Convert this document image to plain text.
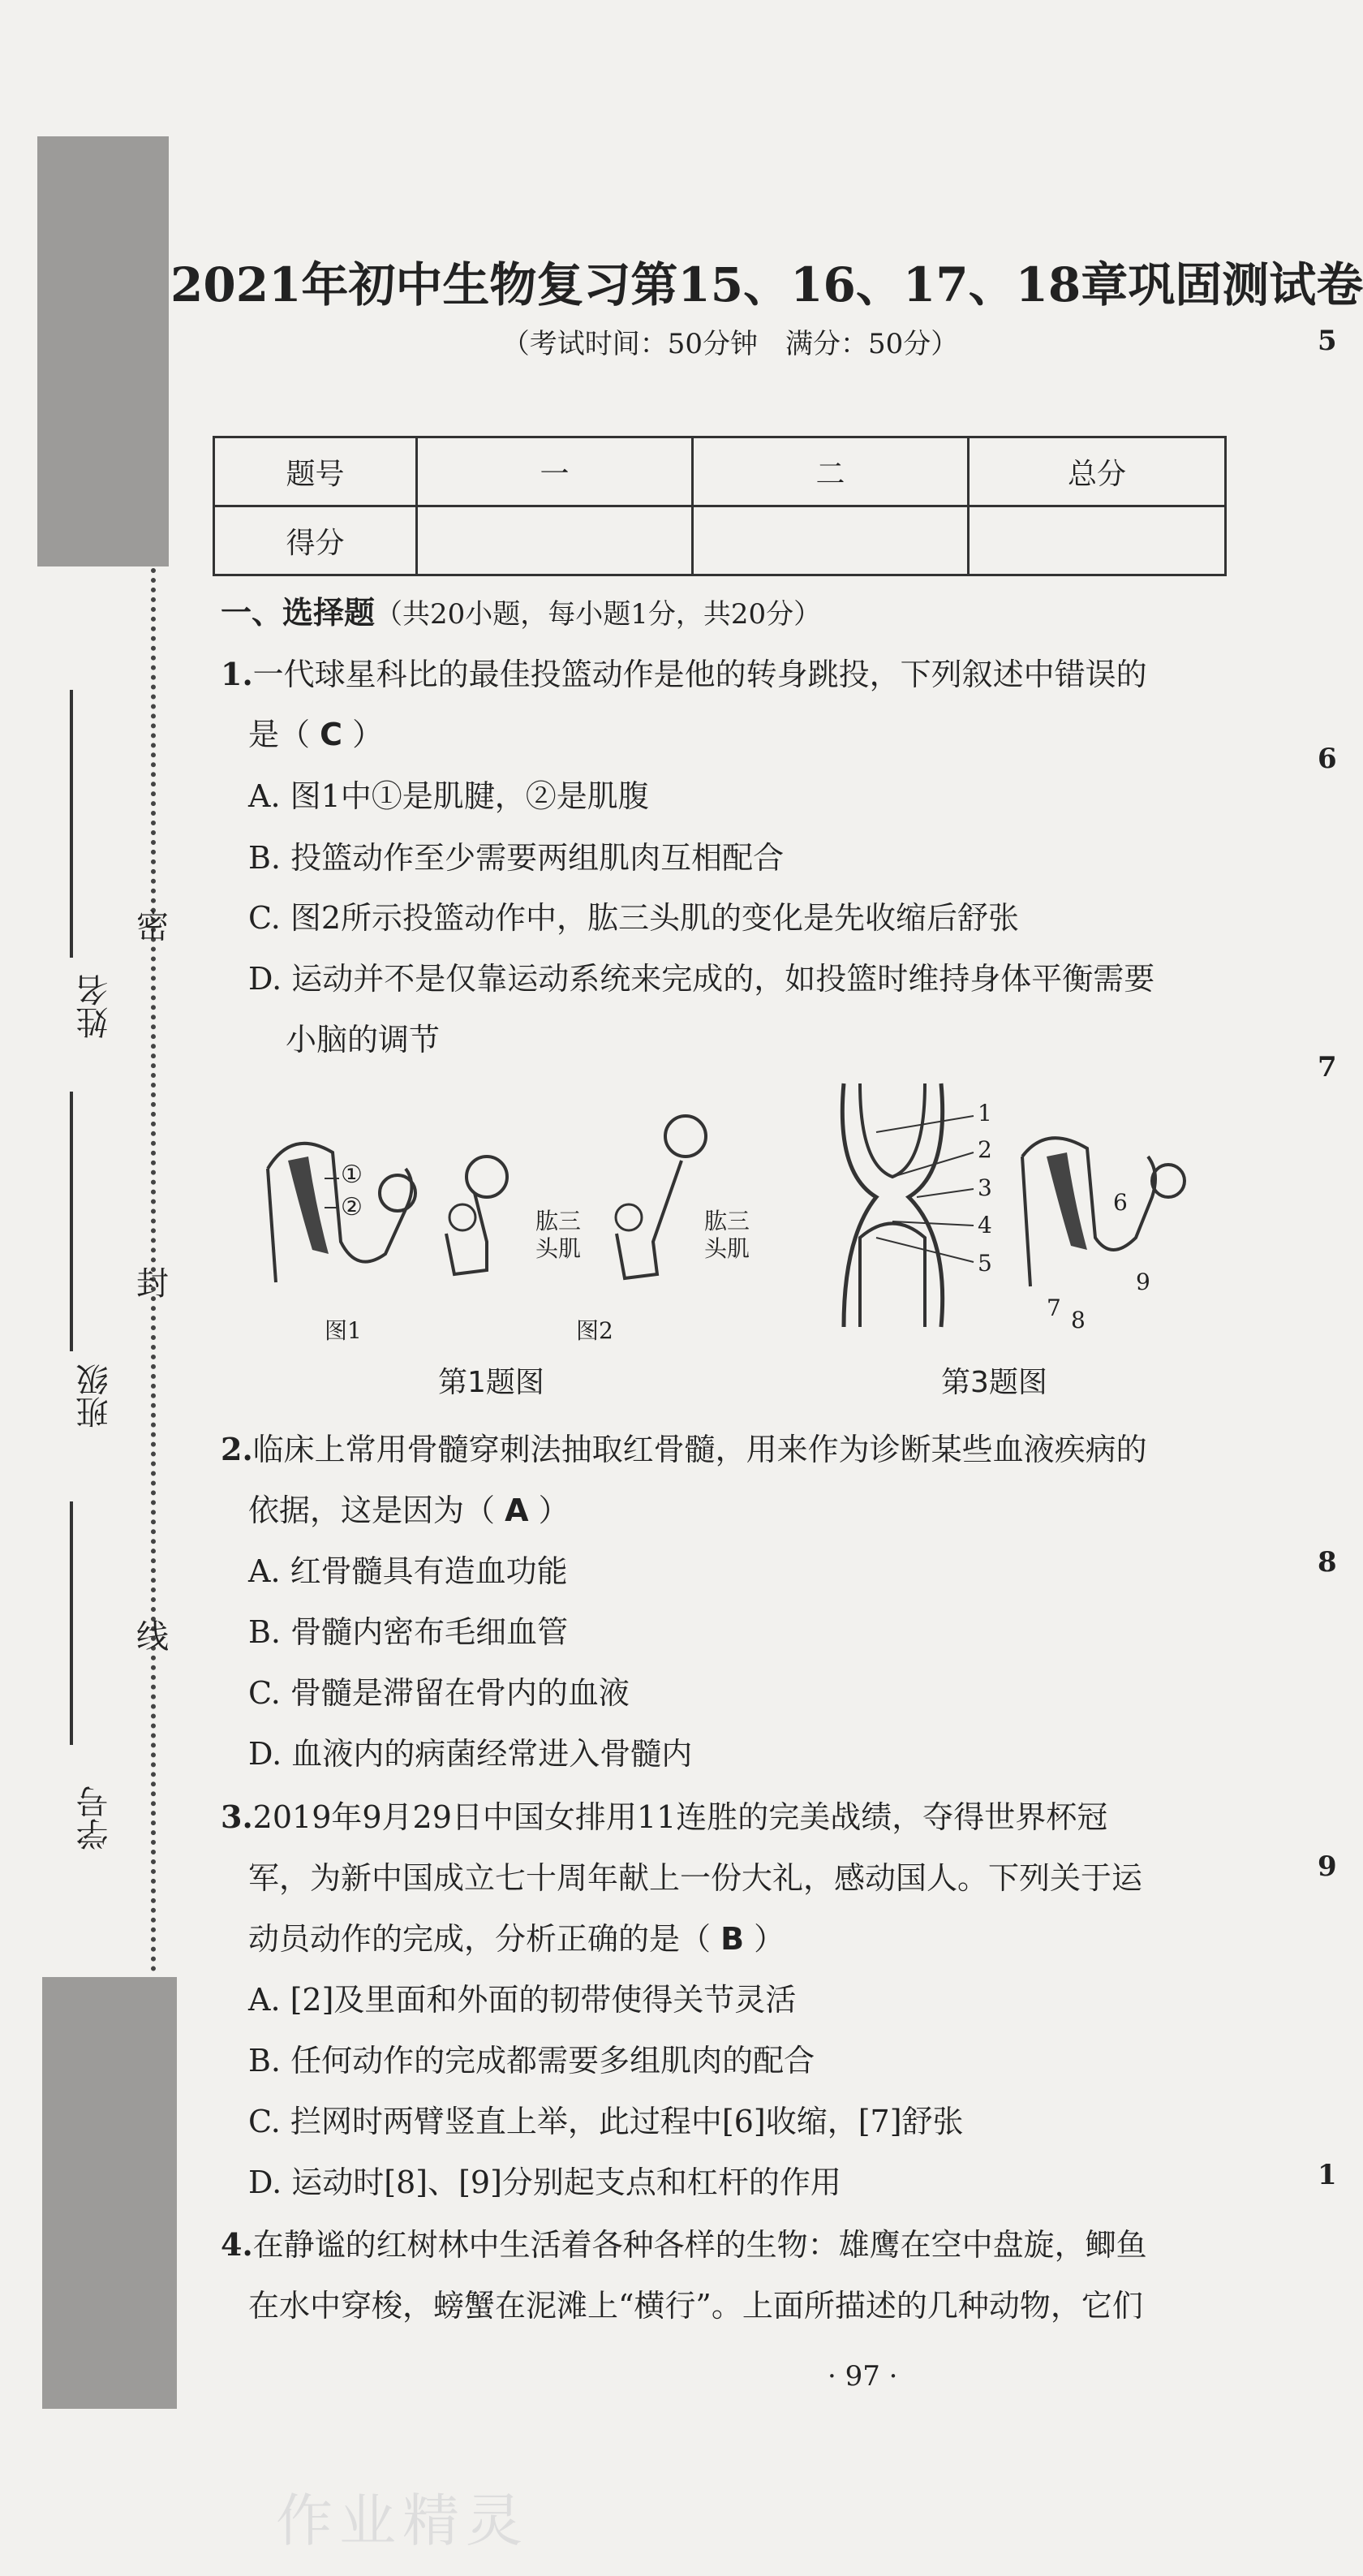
姓名
班级
学号
密
封
线
2021年初中生物复习第15、16、17、18章巩固测试卷
（考试时间：50分钟　满分：50分）
题号	一	二	总分
得分			
一、选择题（共20小题，每小题1分，共20分）
1.一代球星科比的最佳投篮动作是他的转身跳投，下列叙述中错误的
是（ C ）
A. 图1中①是肌腱，②是肌腹
B. 投篮动作至少需要两组肌肉互相配合
C. 图2所示投篮动作中，肱三头肌的变化是先收缩后舒张
D. 运动并不是仅靠运动系统来完成的，如投篮时维持身体平衡需要
小脑的调节
①
②	肱三头肌
肱三头肌
图1	图2
第1题图
1
2
3
4
5
6
7 8
9
第3题图
2.临床上常用骨髓穿刺法抽取红骨髓，用来作为诊断某些血液疾病的
依据，这是因为（ A ）
A. 红骨髓具有造血功能
B. 骨髓内密布毛细血管
C. 骨髓是滞留在骨内的血液
D. 血液内的病菌经常进入骨髓内
3.2019年9月29日中国女排用11连胜的完美战绩，夺得世界杯冠
军，为新中国成立七十周年献上一份大礼，感动国人。下列关于运
动员动作的完成，分析正确的是（ B ）
A. [2]及里面和外面的韧带使得关节灵活
B. 任何动作的完成都需要多组肌肉的配合
C. 拦网时两臂竖直上举，此过程中[6]收缩，[7]舒张
D. 运动时[8]、[9]分别起支点和杠杆的作用
4.在静谧的红树林中生活着各种各样的生物：雄鹰在空中盘旋，鲫鱼
在水中穿梭，螃蟹在泥滩上“横行”。上面所描述的几种动物，它们
· 97 ·
作业精灵
5
6
7
8
9
1
